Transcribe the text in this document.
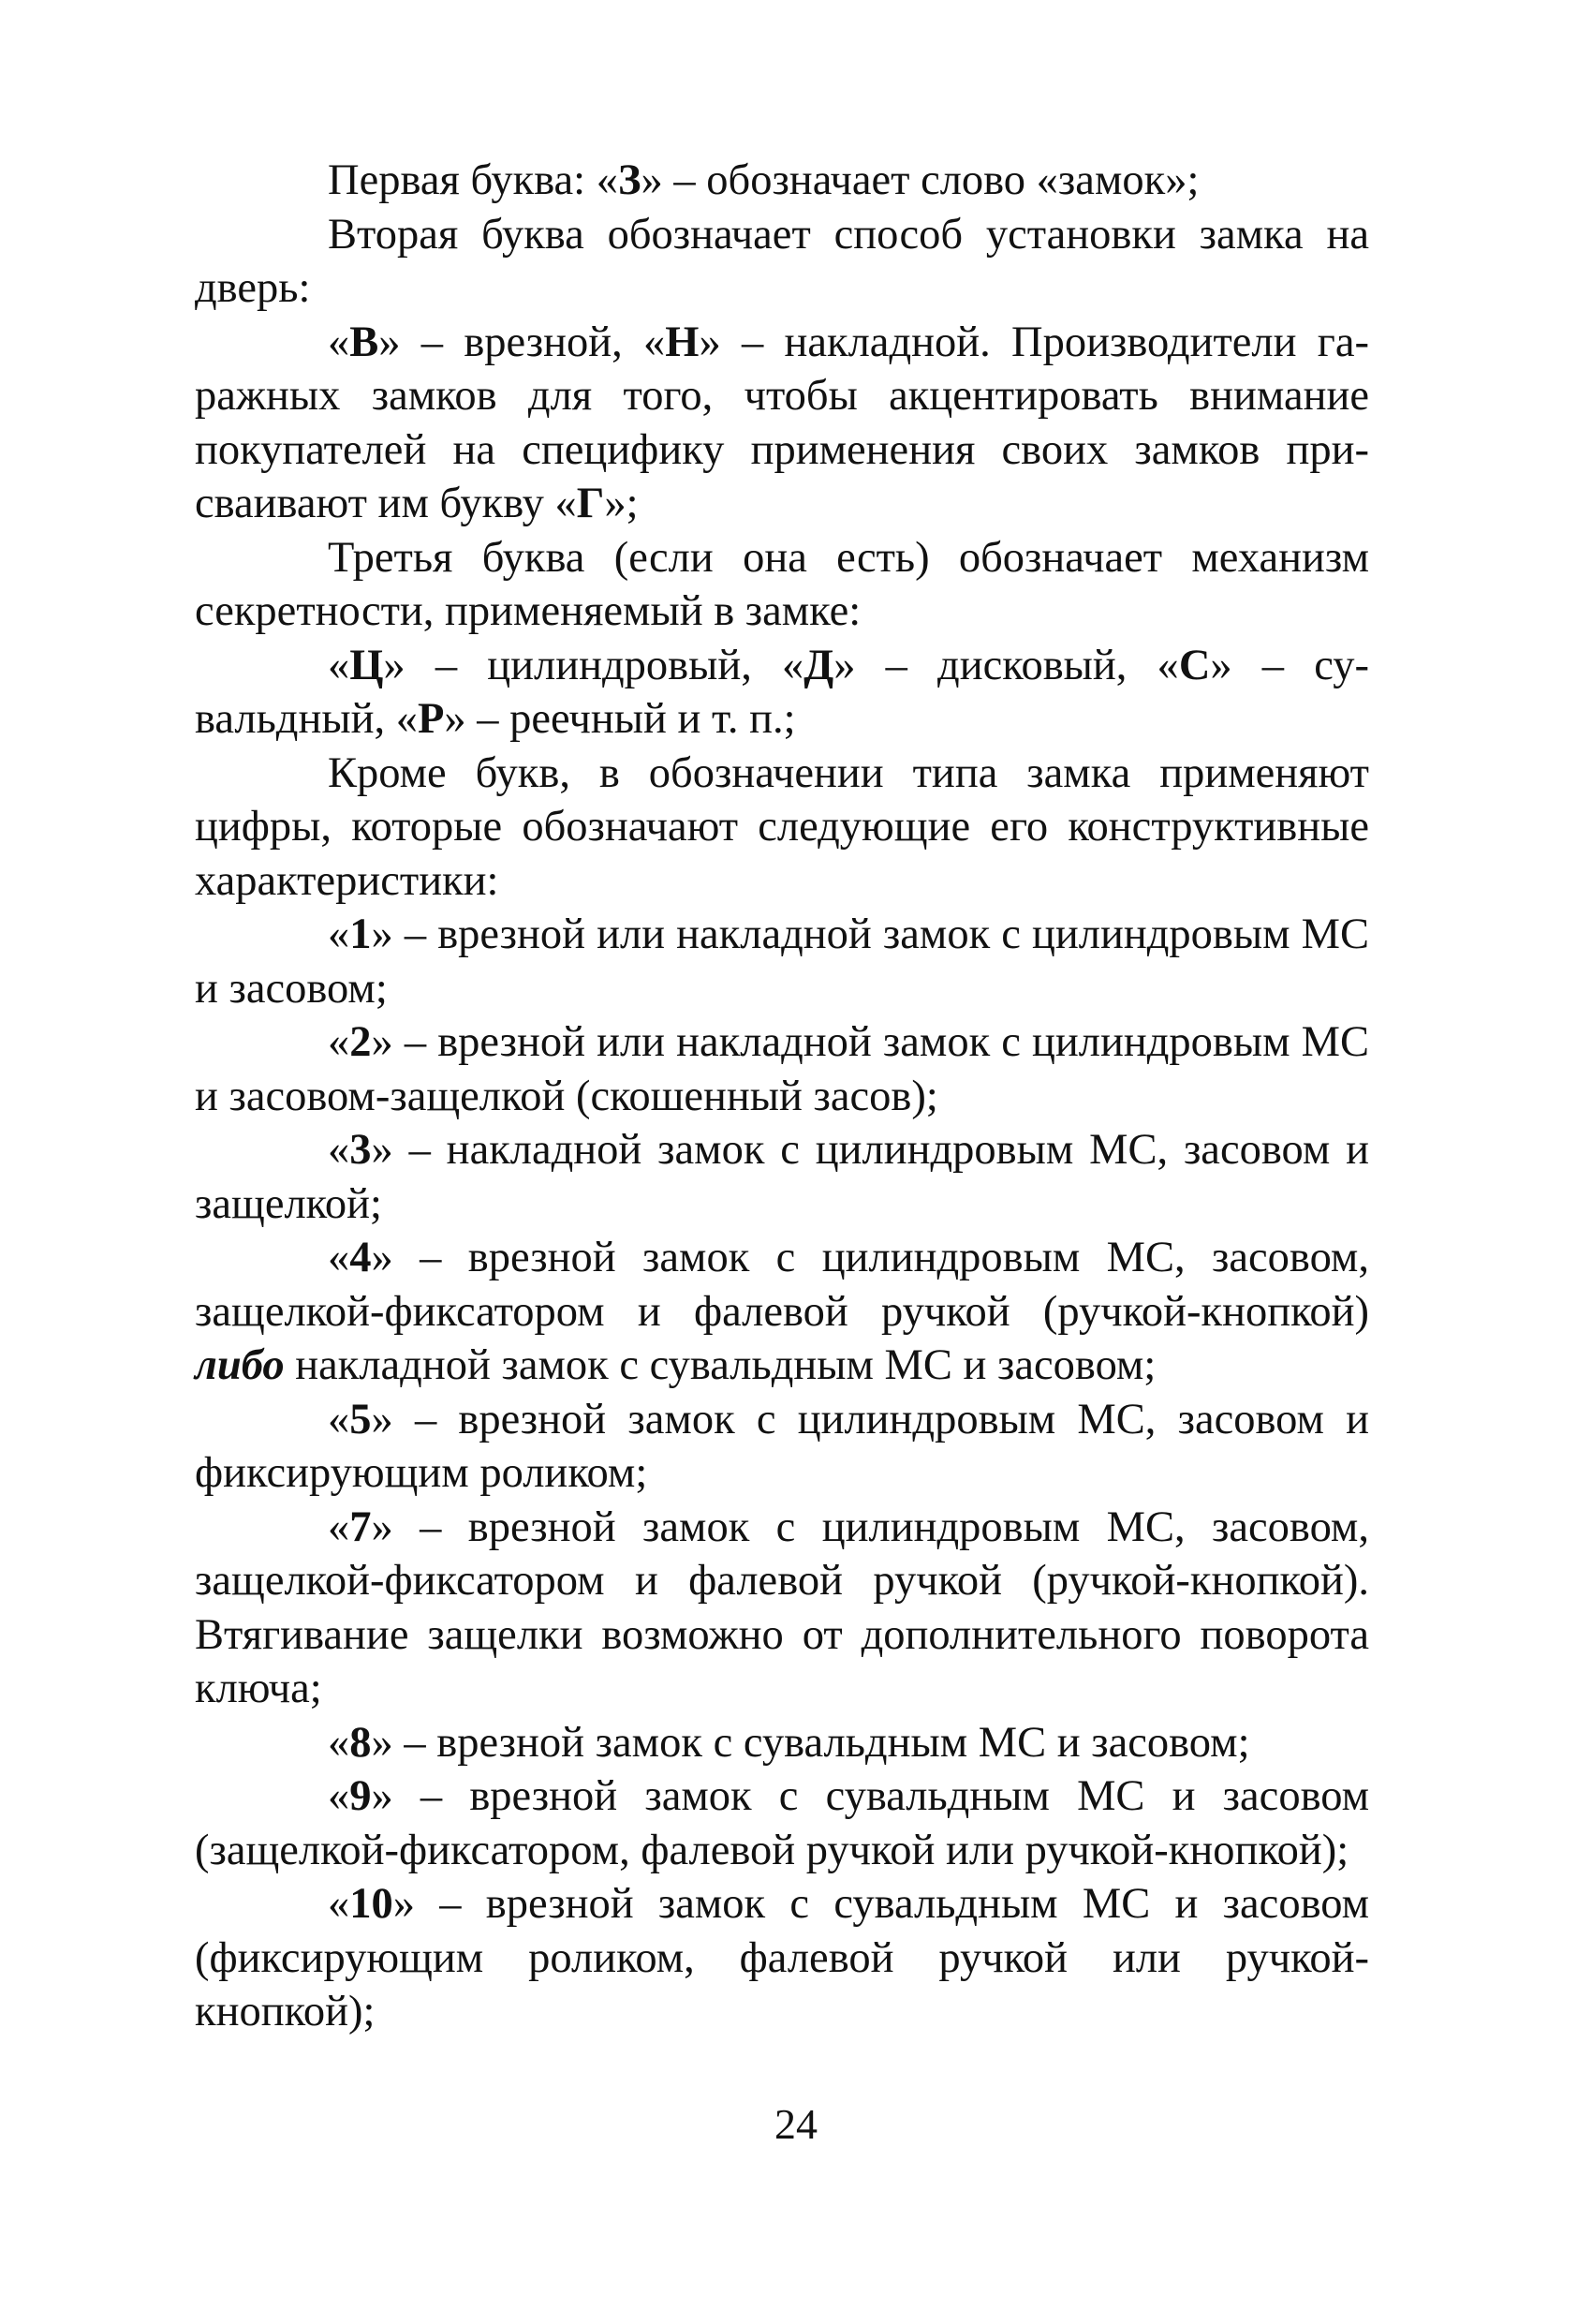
Первая буква: «З» – обозначает слово «замок»;

Вторая буква обозначает способ установки замка на дверь:

«В» – врезной, «Н» – накладной. Производители гаражных замков для того, чтобы акцентировать внимание покупателей на специфику применения своих замков присваивают им букву «Г»;

Третья буква (если она есть) обозначает механизм секретности, применяемый в замке:

«Ц» – цилиндровый, «Д» – дисковый, «С» – сувальдный, «Р» – реечный и т. п.;

Кроме букв, в обозначении типа замка применяют цифры, которые обозначают следующие его конструктивные характеристики:

«1» – врезной или накладной замок с цилиндровым МС и засовом;

«2» – врезной или накладной замок с цилиндровым МС и засовом-защелкой (скошенный засов);

«3» – накладной замок с цилиндровым МС, засовом и защелкой;

«4» – врезной замок с цилиндровым МС, засовом, защелкой-фиксатором и фалевой ручкой (ручкой-кнопкой) либо накладной замок с сувальдным МС и засовом;

«5» – врезной замок с цилиндровым МС, засовом и фиксирующим роликом;

«7» – врезной замок с цилиндровым МС, засовом, защелкой-фиксатором и фалевой ручкой (ручкой-кнопкой). Втягивание защелки возможно от дополнительного поворота ключа;

«8» – врезной замок с сувальдным МС и засовом;

«9» – врезной замок с сувальдным МС и засовом (защелкой-фиксатором, фалевой ручкой или ручкой-кнопкой);

«10» – врезной замок с сувальдным МС и засовом (фиксирующим роликом, фалевой ручкой или ручкой-кнопкой);

24
